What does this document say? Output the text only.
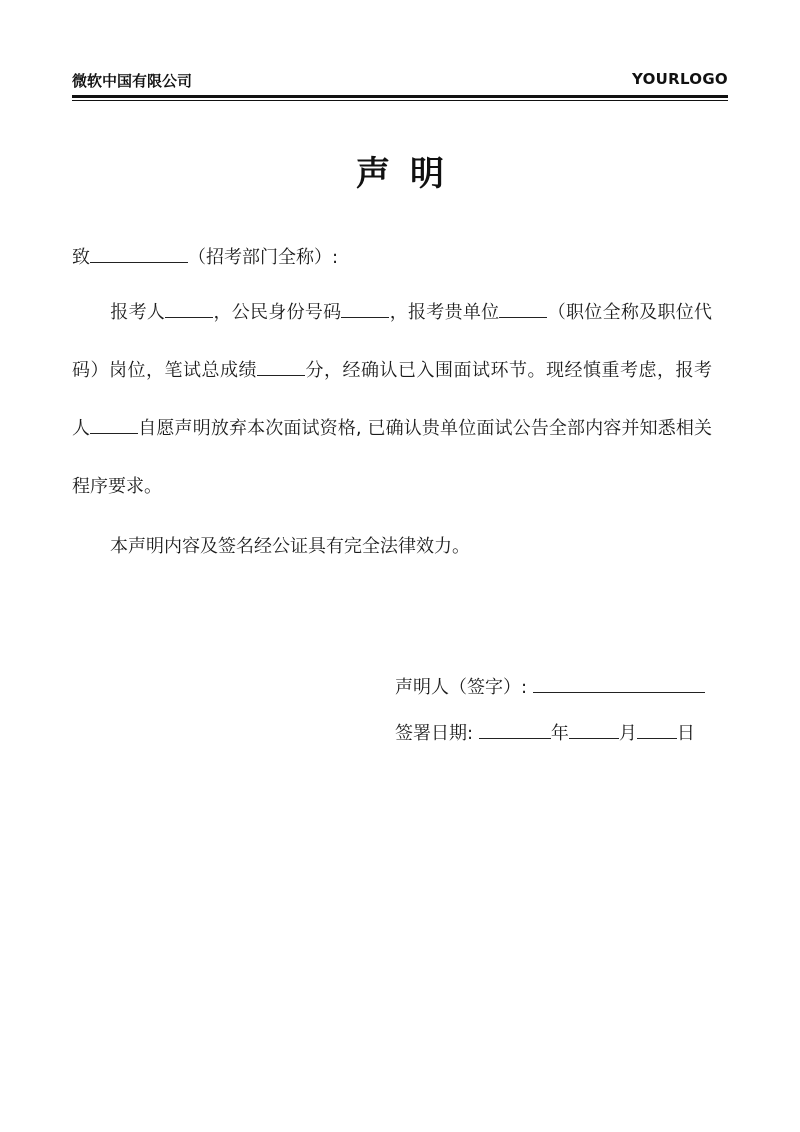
微软中国有限公司	YOURLOGO
声明
致	（招考部门全称）:
报考人	，公民身份号码	，报考贵单位	（职位全称及职位代码）岗位，笔试总成绩	分，经确认已入围面试环节。现经慎重考虑，报考人	自愿声明放弃本次面试资格, 已确认贵单位面试公告全部内容并知悉相关程序要求。
本声明内容及签名经公证具有完全法律效力。
声明人（签字）:
签署日期:	年	月 日
